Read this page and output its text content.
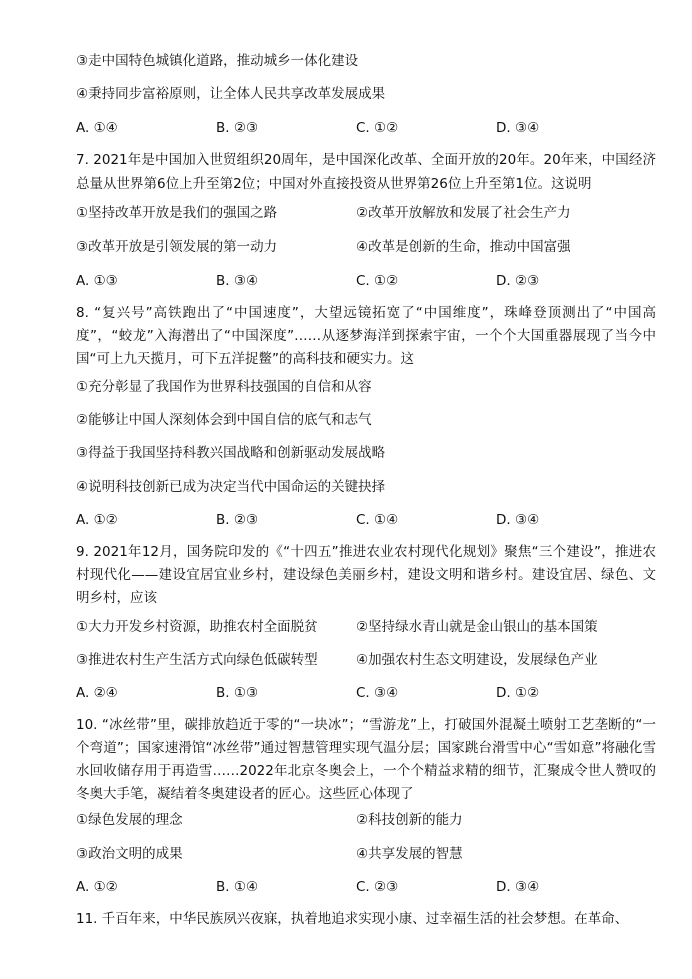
③走中国特色城镇化道路，推动城乡一体化建设
④秉持同步富裕原则，让全体人民共享改革发展成果
A. ①④	B. ②③	C. ①②	D. ③④
7. 2021年是中国加入世贸组织20周年，是中国深化改革、全面开放的20年。20年来，中国经济总量从世界第6位上升至第2位；中国对外直接投资从世界第26位上升至第1位。这说明
①坚持改革开放是我们的强国之路	②改革开放解放和发展了社会生产力
③改革开放是引领发展的第一动力	④改革是创新的生命，推动中国富强
A. ①③	B. ③④	C. ①②	D. ②③
8. “复兴号”高铁跑出了“中国速度”，大望远镜拓宽了“中国维度”，珠峰登顶测出了“中国高度”，“蛟龙”入海潜出了“中国深度”……从逐梦海洋到探索宇宙，一个个大国重器展现了当今中国“可上九天揽月，可下五洋捉鳖”的高科技和硬实力。这
①充分彰显了我国作为世界科技强国的自信和从容
②能够让中国人深刻体会到中国自信的底气和志气
③得益于我国坚持科教兴国战略和创新驱动发展战略
④说明科技创新已成为决定当代中国命运的关键抉择
A. ①②	B. ②③	C. ①④	D. ③④
9. 2021年12月，国务院印发的《“十四五”推进农业农村现代化规划》聚焦“三个建设”，推进农村现代化——建设宜居宜业乡村，建设绿色美丽乡村，建设文明和谐乡村。建设宜居、绿色、文明乡村，应该
①大力开发乡村资源，助推农村全面脱贫	②坚持绿水青山就是金山银山的基本国策
③推进农村生产生活方式向绿色低碳转型	④加强农村生态文明建设，发展绿色产业
A. ②④	B. ①③	C. ③④	D. ①②
10. “冰丝带”里，碳排放趋近于零的“一块冰”；“雪游龙”上，打破国外混凝土喷射工艺垄断的“一个弯道”；国家速滑馆“冰丝带”通过智慧管理实现气温分层；国家跳台滑雪中心“雪如意”将融化雪水回收储存用于再造雪……2022年北京冬奥会上，一个个精益求精的细节，汇聚成令世人赞叹的冬奥大手笔，凝结着冬奥建设者的匠心。这些匠心体现了
①绿色发展的理念	②科技创新的能力
③政治文明的成果	④共享发展的智慧
A. ①②	B. ①④	C. ②③	D. ③④
11. 千百年来，中华民族夙兴夜寐，执着地追求实现小康、过幸福生活的社会梦想。在革命、
